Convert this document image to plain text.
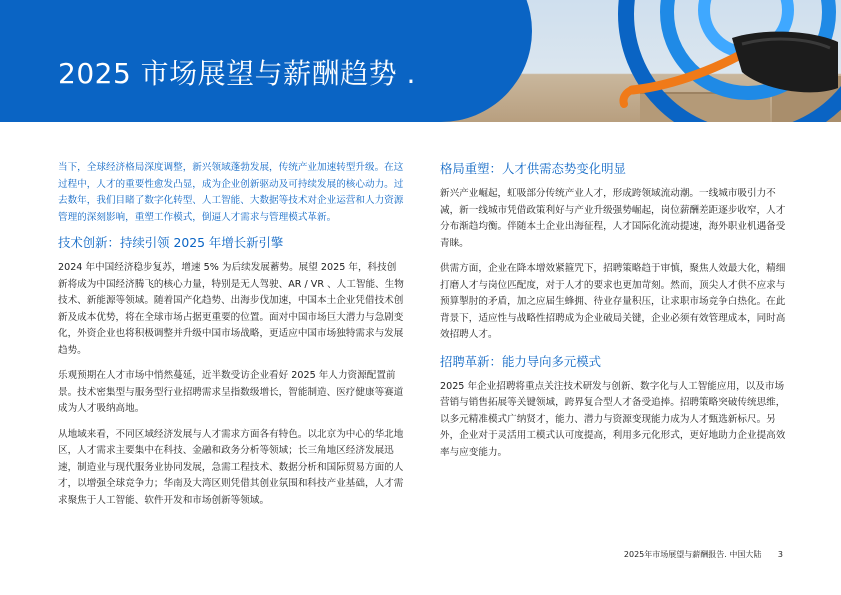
2025 市场展望与薪酬趋势 .

当下，全球经济格局深度调整，新兴领域蓬勃发展，传统产业加速转型升级。在这过程中，人才的重要性愈发凸显，成为企业创新驱动及可持续发展的核心动力。过去数年，我们目睹了数字化转型、人工智能、大数据等技术对企业运营和人力资源管理的深刻影响，重塑工作模式，倒逼人才需求与管理模式革新。

技术创新：持续引领 2025 年增长新引擎

2024 年中国经济稳步复苏，增速 5% 为后续发展蓄势。展望 2025 年，科技创新将成为中国经济腾飞的核心力量，特别是无人驾驶、AR / VR 、人工智能、生物技术、新能源等领域。随着国产化趋势、出海步伐加速，中国本土企业凭借技术创新及成本优势，将在全球市场占据更重要的位置。面对中国市场巨大潜力与急剧变化，外资企业也将积极调整并升级中国市场战略，更适应中国市场独特需求与发展趋势。

乐观预期在人才市场中悄然蔓延，近半数受访企业看好 2025 年人力资源配置前景。技术密集型与服务型行业招聘需求呈指数级增长，智能制造、医疗健康等赛道成为人才吸纳高地。

从地域来看，不同区域经济发展与人才需求方面各有特色。以北京为中心的华北地区，人才需求主要集中在科技、金融和政务分析等领域；长三角地区经济发展迅速，制造业与现代服务业协同发展，急需工程技术、数据分析和国际贸易方面的人才，以增强全球竞争力；华南及大湾区则凭借其创业氛围和科技产业基础，人才需求聚焦于人工智能、软件开发和市场创新等领域。

格局重塑：人才供需态势变化明显

新兴产业崛起，虹吸部分传统产业人才，形成跨领域流动潮。一线城市吸引力不减，新一线城市凭借政策利好与产业升级强势崛起，岗位薪酬差距逐步收窄，人才分布渐趋均衡。伴随本土企业出海征程，人才国际化流动提速，海外职业机遇备受青睐。

供需方面，企业在降本增效紧箍咒下，招聘策略趋于审慎，聚焦人效最大化，精细打磨人才与岗位匹配度，对于人才的要求也更加苛刻。然而，顶尖人才供不应求与预算掣肘的矛盾，加之应届生蜂拥、待业存量积压，让求职市场竞争白热化。在此背景下，适应性与战略性招聘成为企业破局关键，企业必须有效管理成本，同时高效招聘人才。

招聘革新：能力导向多元模式

2025 年企业招聘将重点关注技术研发与创新、数字化与人工智能应用，以及市场营销与销售拓展等关键领域，跨界复合型人才备受追捧。招聘策略突破传统思维，以多元精准模式广纳贤才，能力、潜力与资源变现能力成为人才甄选新标尺。另外，企业对于灵活用工模式认可度提高，利用多元化形式，更好地助力企业提高效率与应变能力。

2025年市场展望与薪酬报告. 中国大陆 3
